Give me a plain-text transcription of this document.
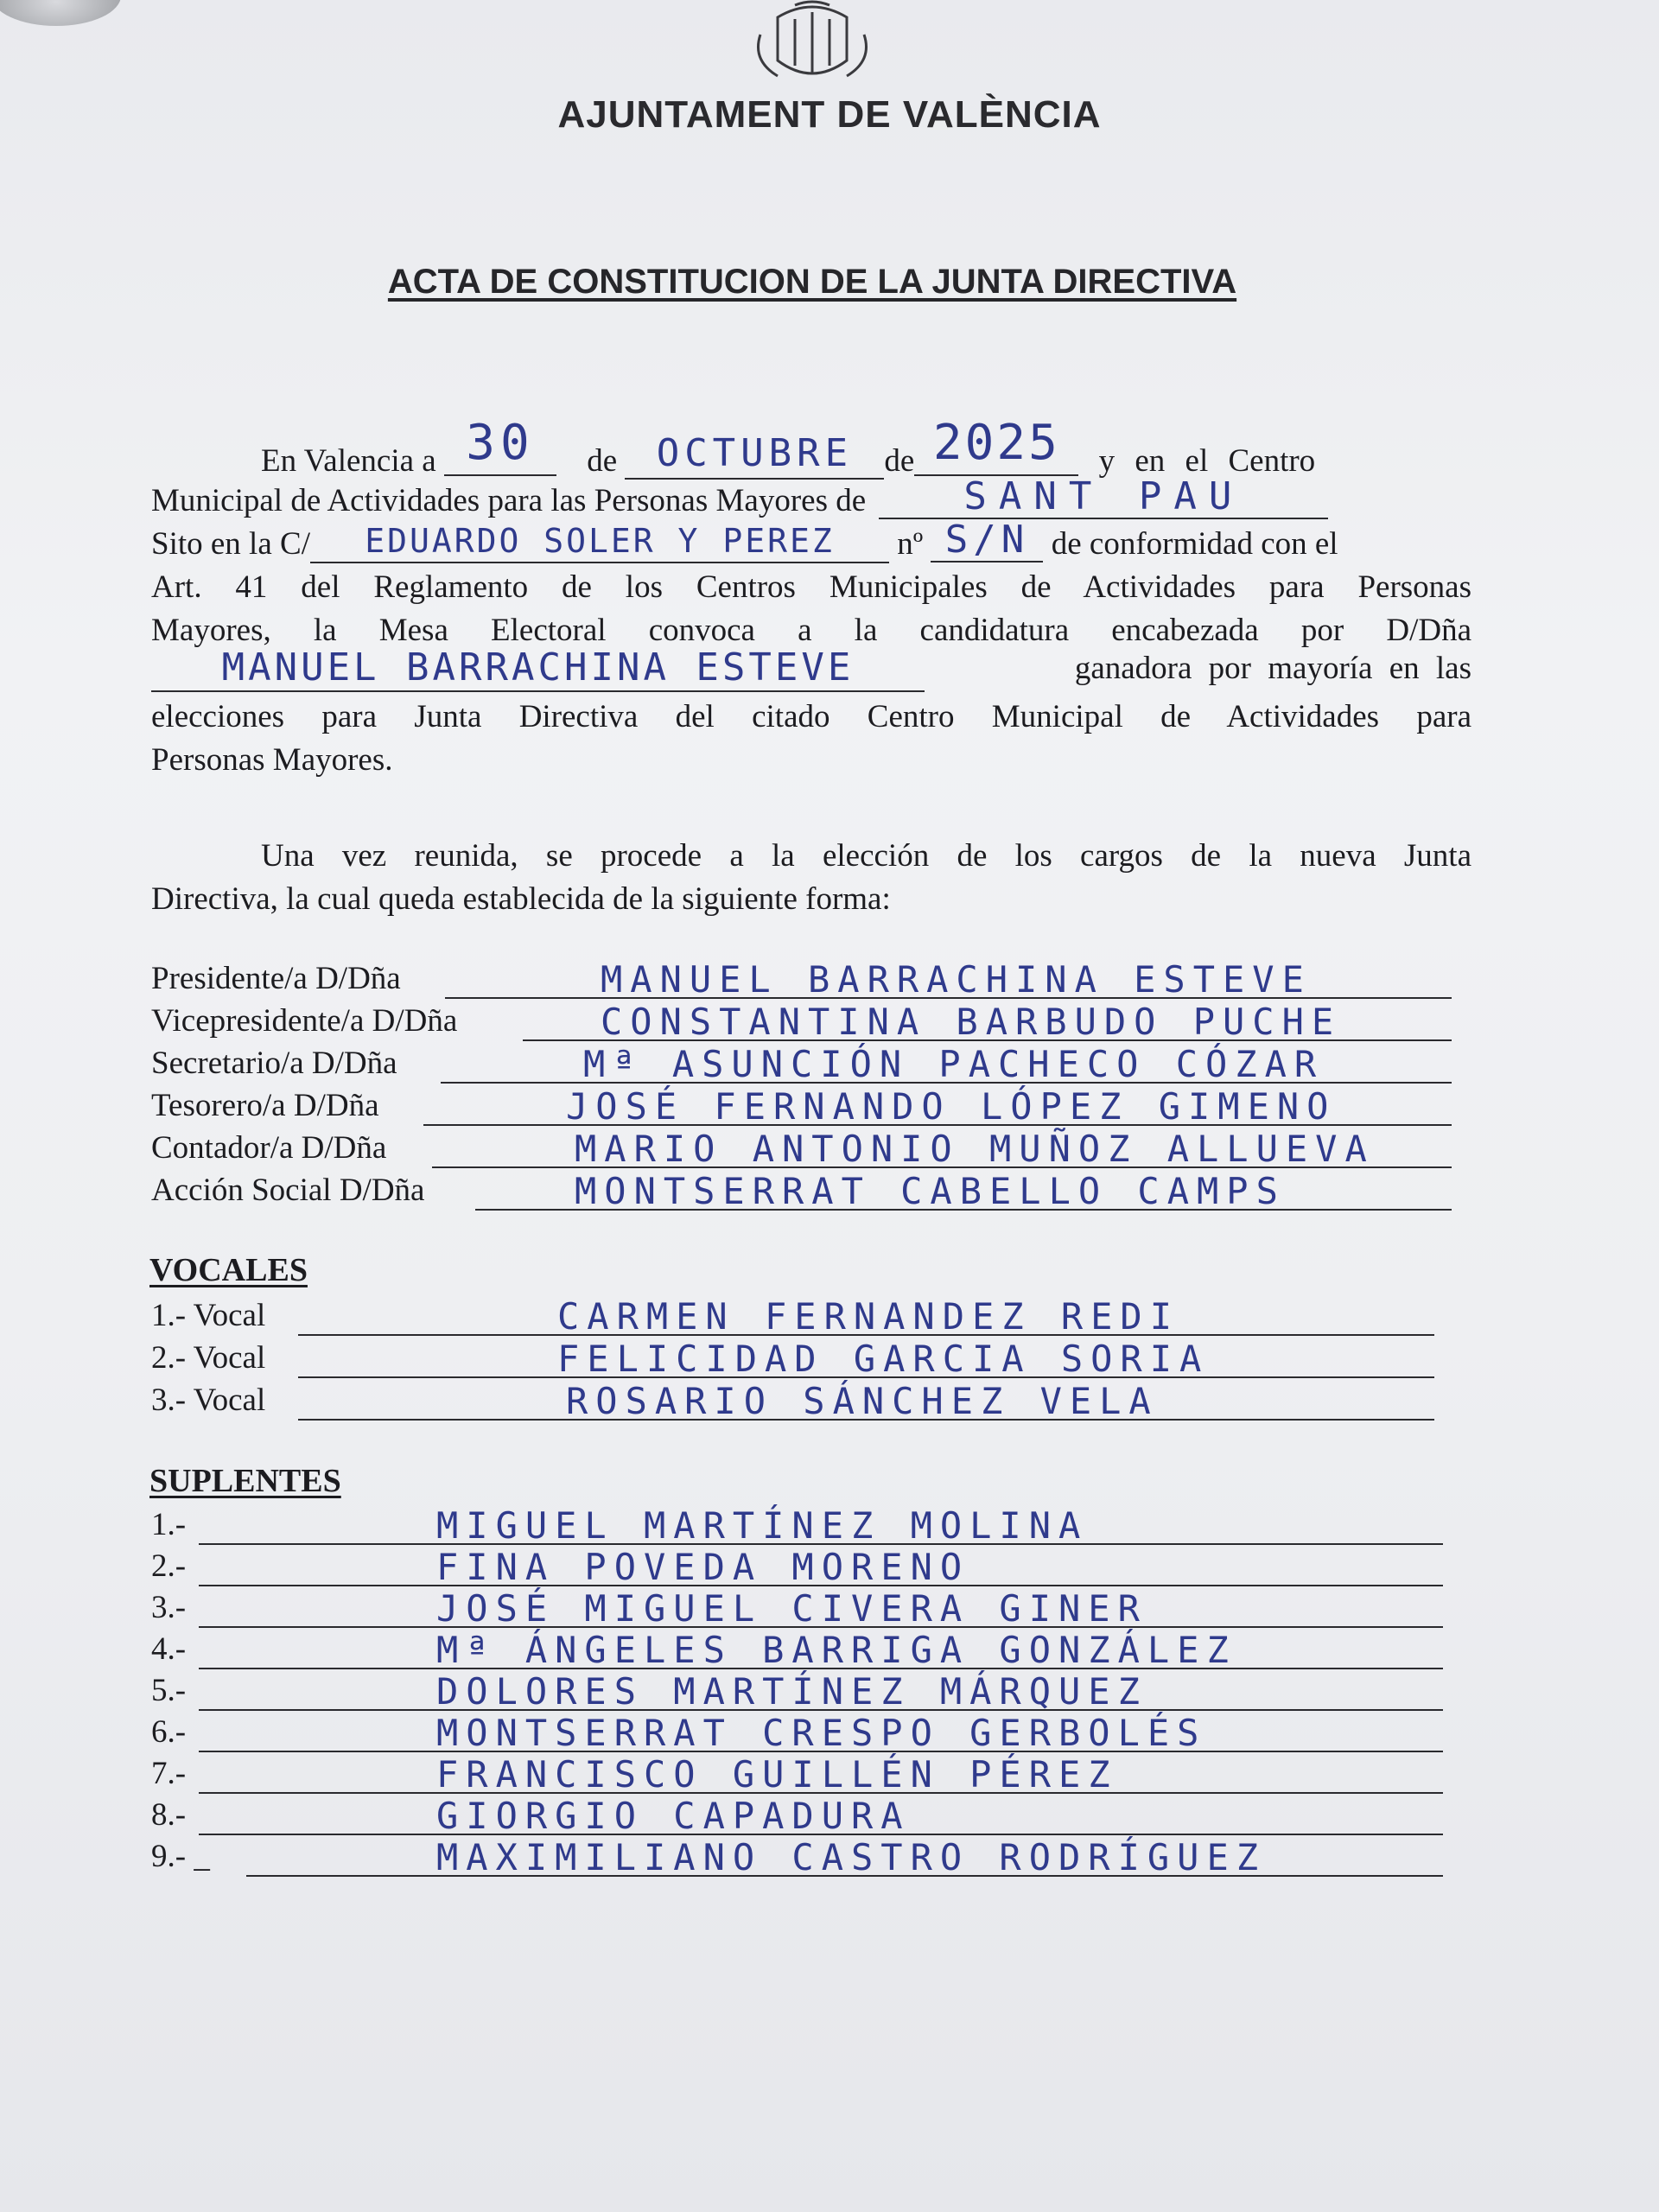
AJUNTAMENT DE VALÈNCIA
ACTA DE CONSTITUCION DE LA JUNTA DIRECTIVA
En Valencia a 30 de OCTUBRE de 2025 y en el Centro
Municipal de Actividades para las Personas Mayores de	SANT PAU
Sito en la C/ EDUARDO SOLER Y PEREZ nº S/N de conformidad con el
Art. 41 del Reglamento de los Centros Municipales de Actividades para Personas
Mayores, la Mesa Electoral convoca a la candidatura encabezada por D/Dña
MANUEL BARRACHINA ESTEVE	ganadora por mayoría en las
elecciones para Junta Directiva del citado Centro Municipal de Actividades para
Personas Mayores.
Una vez reunida, se procede a la elección de los cargos de la nueva Junta
Directiva, la cual queda establecida de la siguiente forma:
Presidente/a D/Dña	MANUEL BARRACHINA ESTEVE
Vicepresidente/a D/Dña	CONSTANTINA BARBUDO PUCHE
Secretario/a D/Dña	Mª ASUNCIÓN PACHECO CÓZAR
Tesorero/a D/Dña	JOSÉ FERNANDO LÓPEZ GIMENO
Contador/a D/Dña	MARIO ANTONIO MUÑOZ ALLUEVA
Acción Social D/Dña	MONTSERRAT CABELLO CAMPS
VOCALES
1.- Vocal	CARMEN FERNANDEZ REDI
2.- Vocal	FELICIDAD GARCIA SORIA
3.- Vocal	ROSARIO SÁNCHEZ VELA
SUPLENTES
1.-	MIGUEL MARTÍNEZ MOLINA
2.-	FINA POVEDA MORENO
3.-	JOSÉ MIGUEL CIVERA GINER
4.-	Mª ÁNGELES BARRIGA GONZÁLEZ
5.-	DOLORES MARTÍNEZ MÁRQUEZ
6.-	MONTSERRAT CRESPO GERBOLÉS
7.-	FRANCISCO GUILLÉN PÉREZ
8.-	GIORGIO CAPADURA
9.- _	MAXIMILIANO CASTRO RODRÍGUEZ
